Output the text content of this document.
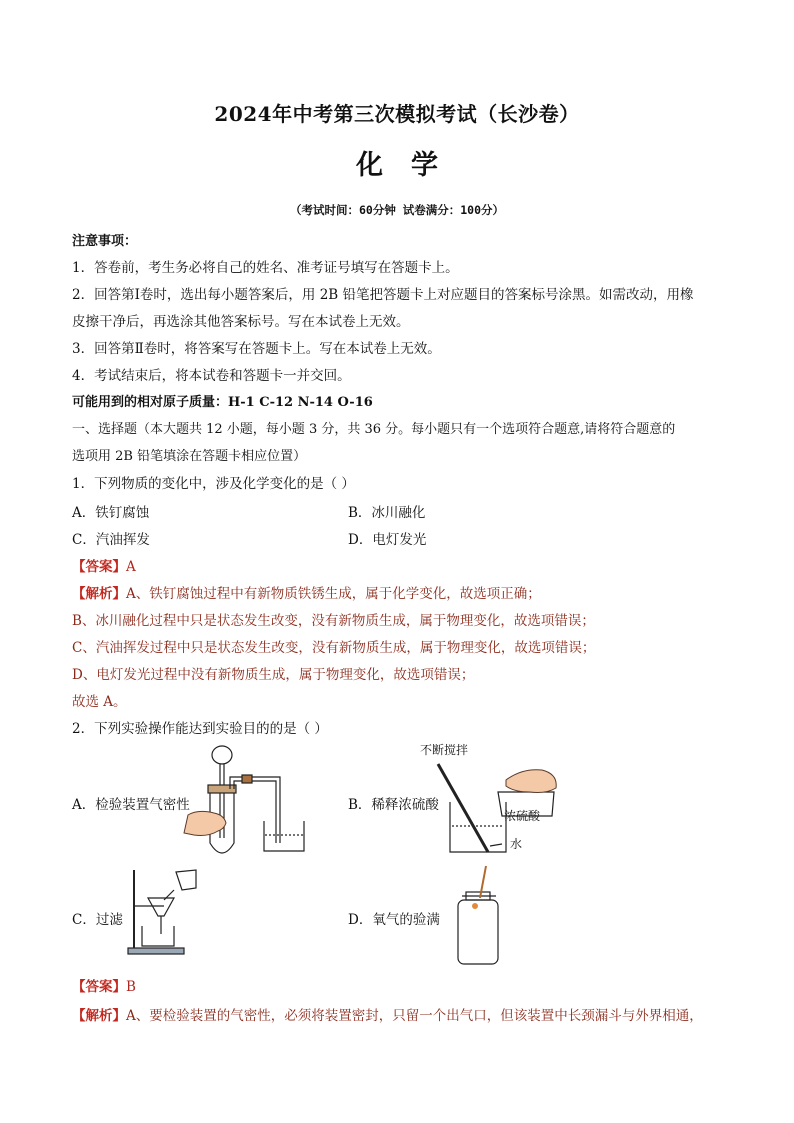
2024年中考第三次模拟考试（长沙卷）
化学
（考试时间：60分钟 试卷满分：100分）
注意事项：
1．答卷前，考生务必将自己的姓名、准考证号填写在答题卡上。
2．回答第Ⅰ卷时，选出每小题答案后，用 2B 铅笔把答题卡上对应题目的答案标号涂黑。如需改动，用橡
皮擦干净后，再选涂其他答案标号。写在本试卷上无效。
3．回答第Ⅱ卷时，将答案写在答题卡上。写在本试卷上无效。
4．考试结束后，将本试卷和答题卡一并交回。
可能用到的相对原子质量：H-1 C-12 N-14 O-16
一、选择题（本大题共 12 小题，每小题 3 分，共 36 分。每小题只有一个选项符合题意,请将符合题意的
选项用 2B 铅笔填涂在答题卡相应位置）
1．下列物质的变化中，涉及化学变化的是（ ）
A．铁钉腐蚀	B．冰川融化
C．汽油挥发	D．电灯发光
【答案】A
【解析】A、铁钉腐蚀过程中有新物质铁锈生成，属于化学变化，故选项正确；
B、冰川融化过程中只是状态发生改变，没有新物质生成，属于物理变化，故选项错误；
C、汽油挥发过程中只是状态发生改变，没有新物质生成，属于物理变化，故选项错误；
D、电灯发光过程中没有新物质生成，属于物理变化，故选项错误；
故选 A。
2．下列实验操作能达到实验目的的是（ ）
A．检验装置气密性	B．稀释浓硫酸
C．过滤	D．氧气的验满
不断搅拌
浓硫酸
水
【答案】B
【解析】A、要检验装置的气密性，必须将装置密封，只留一个出气口，但该装置中长颈漏斗与外界相通，
